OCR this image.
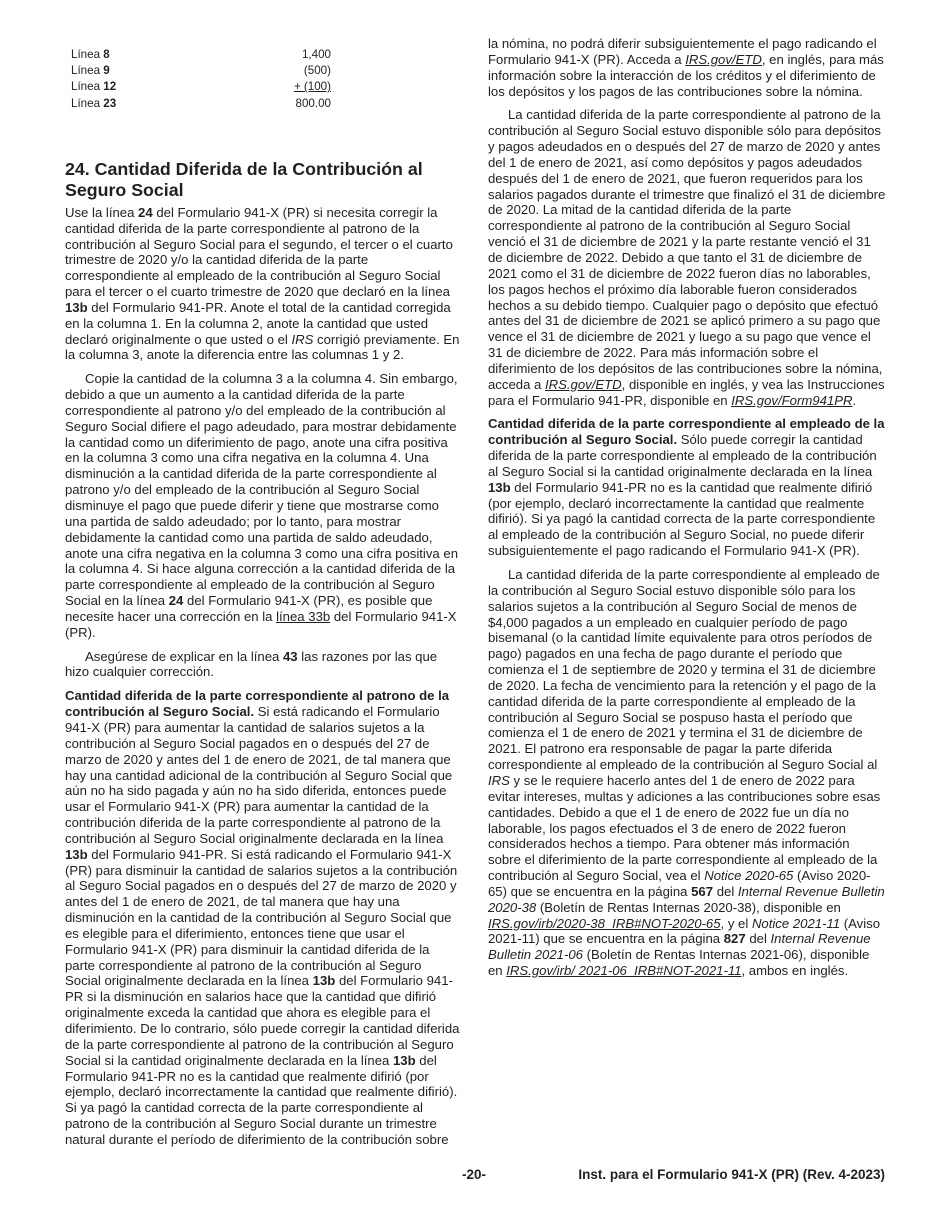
Línea 8	1,400
Línea 9	(500)
Línea 12	+ (100)
Línea 23	800.00
24. Cantidad Diferida de la Contribución al Seguro Social

Use la línea 24 del Formulario 941-X (PR) si necesita corregir la cantidad diferida de la parte correspondiente al patrono de la contribución al Seguro Social para el segundo, el tercer o el cuarto trimestre de 2020 y/o la cantidad diferida de la parte correspondiente al empleado de la contribución al Seguro Social para el tercer o el cuarto trimestre de 2020 que declaró en la línea 13b del Formulario 941-PR. Anote el total de la cantidad corregida en la columna 1. En la columna 2, anote la cantidad que usted declaró originalmente o que usted o el IRS corrigió previamente. En la columna 3, anote la diferencia entre las columnas 1 y 2.

Copie la cantidad de la columna 3 a la columna 4. Sin embargo, debido a que un aumento a la cantidad diferida de la parte correspondiente al patrono y/o del empleado de la contribución al Seguro Social difiere el pago adeudado, para mostrar debidamente la cantidad como un diferimiento de pago, anote una cifra positiva en la columna 3 como una cifra negativa en la columna 4. Una disminución a la cantidad diferida de la parte correspondiente al patrono y/o del empleado de la contribución al Seguro Social disminuye el pago que puede diferir y tiene que mostrarse como una partida de saldo adeudado; por lo tanto, para mostrar debidamente la cantidad como una partida de saldo adeudado, anote una cifra negativa en la columna 3 como una cifra positiva en la columna 4. Si hace alguna corrección a la cantidad diferida de la parte correspondiente al empleado de la contribución al Seguro Social en la línea 24 del Formulario 941-X (PR), es posible que necesite hacer una corrección en la línea 33b del Formulario 941-X (PR).

Asegúrese de explicar en la línea 43 las razones por las que hizo cualquier corrección.

Cantidad diferida de la parte correspondiente al patrono de la contribución al Seguro Social. Si está radicando el Formulario 941-X (PR) para aumentar la cantidad de salarios sujetos a la contribución al Seguro Social pagados en o después del 27 de marzo de 2020 y antes del 1 de enero de 2021, de tal manera que hay una cantidad adicional de la contribución al Seguro Social que aún no ha sido pagada y aún no ha sido diferida, entonces puede usar el Formulario 941-X (PR) para aumentar la cantidad de la contribución diferida de la parte correspondiente al patrono de la contribución al Seguro Social originalmente declarada en la línea 13b del Formulario 941-PR. Si está radicando el Formulario 941-X (PR) para disminuir la cantidad de salarios sujetos a la contribución al Seguro Social pagados en o después del 27 de marzo de 2020 y antes del 1 de enero de 2021, de tal manera que hay una disminución en la cantidad de la contribución al Seguro Social que es elegible para el diferimiento, entonces tiene que usar el Formulario 941-X (PR) para disminuir la cantidad diferida de la parte correspondiente al patrono de la contribución al Seguro Social originalmente declarada en la línea 13b del Formulario 941-PR si la disminución en salarios hace que la cantidad que difirió originalmente exceda la cantidad que ahora es elegible para el diferimiento. De lo contrario, sólo puede corregir la cantidad diferida de la parte correspondiente al patrono de la contribución al Seguro Social si la cantidad originalmente declarada en la línea 13b del Formulario 941-PR no es la cantidad que realmente difirió (por ejemplo, declaró incorrectamente la cantidad que realmente difirió). Si ya pagó la cantidad correcta de la parte correspondiente al patrono de la contribución al Seguro Social durante un trimestre natural durante el período de diferimiento de la contribución sobre

la nómina, no podrá diferir subsiguientemente el pago radicando el Formulario 941-X (PR). Acceda a IRS.gov/ETD, en inglés, para más información sobre la interacción de los créditos y el diferimiento de los depósitos y los pagos de las contribuciones sobre la nómina.

La cantidad diferida de la parte correspondiente al patrono de la contribución al Seguro Social estuvo disponible sólo para depósitos y pagos adeudados en o después del 27 de marzo de 2020 y antes del 1 de enero de 2021, así como depósitos y pagos adeudados después del 1 de enero de 2021, que fueron requeridos para los salarios pagados durante el trimestre que finalizó el 31 de diciembre de 2020. La mitad de la cantidad diferida de la parte correspondiente al patrono de la contribución al Seguro Social venció el 31 de diciembre de 2021 y la parte restante venció el 31 de diciembre de 2022. Debido a que tanto el 31 de diciembre de 2021 como el 31 de diciembre de 2022 fueron días no laborables, los pagos hechos el próximo día laborable fueron considerados hechos a su debido tiempo. Cualquier pago o depósito que efectuó antes del 31 de diciembre de 2021 se aplicó primero a su pago que vence el 31 de diciembre de 2021 y luego a su pago que vence el 31 de diciembre de 2022. Para más información sobre el diferimiento de los depósitos de las contribuciones sobre la nómina, acceda a IRS.gov/ETD, disponible en inglés, y vea las Instrucciones para el Formulario 941-PR, disponible en IRS.gov/Form941PR.

Cantidad diferida de la parte correspondiente al empleado de la contribución al Seguro Social. Sólo puede corregir la cantidad diferida de la parte correspondiente al empleado de la contribución al Seguro Social si la cantidad originalmente declarada en la línea 13b del Formulario 941-PR no es la cantidad que realmente difirió (por ejemplo, declaró incorrectamente la cantidad que realmente difirió). Si ya pagó la cantidad correcta de la parte correspondiente al empleado de la contribución al Seguro Social, no puede diferir subsiguientemente el pago radicando el Formulario 941-X (PR).

La cantidad diferida de la parte correspondiente al empleado de la contribución al Seguro Social estuvo disponible sólo para los salarios sujetos a la contribución al Seguro Social de menos de $4,000 pagados a un empleado en cualquier período de pago bisemanal (o la cantidad límite equivalente para otros períodos de pago) pagados en una fecha de pago durante el período que comienza el 1 de septiembre de 2020 y termina el 31 de diciembre de 2020. La fecha de vencimiento para la retención y el pago de la cantidad diferida de la parte correspondiente al empleado de la contribución al Seguro Social se pospuso hasta el período que comienza el 1 de enero de 2021 y termina el 31 de diciembre de 2021. El patrono era responsable de pagar la parte diferida correspondiente al empleado de la contribución al Seguro Social al IRS y se le requiere hacerlo antes del 1 de enero de 2022 para evitar intereses, multas y adiciones a las contribuciones sobre esas cantidades. Debido a que el 1 de enero de 2022 fue un día no laborable, los pagos efectuados el 3 de enero de 2022 fueron considerados hechos a tiempo. Para obtener más información sobre el diferimiento de la parte correspondiente al empleado de la contribución al Seguro Social, vea el Notice 2020-65 (Aviso 2020-65) que se encuentra en la página 567 del Internal Revenue Bulletin 2020-38 (Boletín de Rentas Internas 2020-38), disponible en IRS.gov/irb/2020-38_IRB#NOT-2020-65, y el Notice 2021-11 (Aviso 2021-11) que se encuentra en la página 827 del Internal Revenue Bulletin 2021-06 (Boletín de Rentas Internas 2021-06), disponible en IRS.gov/irb/ 2021-06_IRB#NOT-2021-11, ambos en inglés.

-20-	Inst. para el Formulario 941-X (PR) (Rev. 4-2023)
